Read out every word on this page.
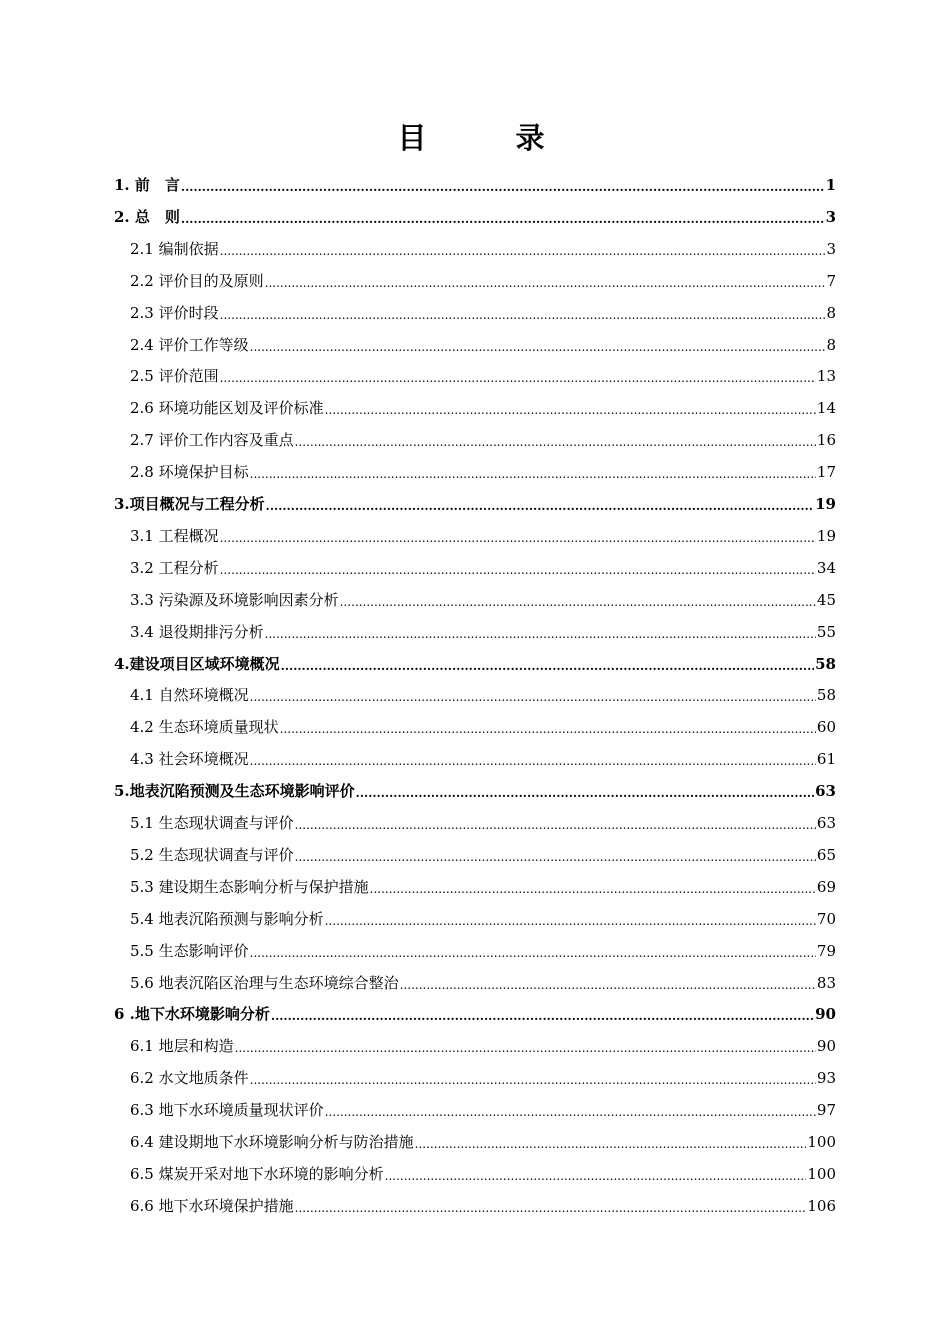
目　录
1. 前　言 .....	1
2. 总　则 .....	3
2.1 编制依据 .....	3
2.2 评价目的及原则 .....	7
2.3 评价时段 .....	8
2.4 评价工作等级 .....	8
2.5 评价范围 .....	13
2.6 环境功能区划及评价标准 .....	14
2.7 评价工作内容及重点 .....	16
2.8 环境保护目标 .....	17
3.项目概况与工程分析 .....	19
3.1 工程概况 .....	19
3.2 工程分析 .....	34
3.3 污染源及环境影响因素分析 .....	45
3.4 退役期排污分析 .....	55
4.建设项目区域环境概况 .....	58
4.1 自然环境概况 .....	58
4.2 生态环境质量现状 .....	60
4.3 社会环境概况 .....	61
5.地表沉陷预测及生态环境影响评价 .....	63
5.1 生态现状调查与评价 .....	63
5.2 生态现状调查与评价 .....	65
5.3 建设期生态影响分析与保护措施 .....	69
5.4 地表沉陷预测与影响分析 .....	70
5.5 生态影响评价 .....	79
5.6 地表沉陷区治理与生态环境综合整治 .....	83
6 .地下水环境影响分析 .....	90
6.1 地层和构造 .....	90
6.2 水文地质条件 .....	93
6.3 地下水环境质量现状评价 .....	97
6.4 建设期地下水环境影响分析与防治措施 .....	100
6.5 煤炭开采对地下水环境的影响分析 .....	100
6.6 地下水环境保护措施 .....	106
